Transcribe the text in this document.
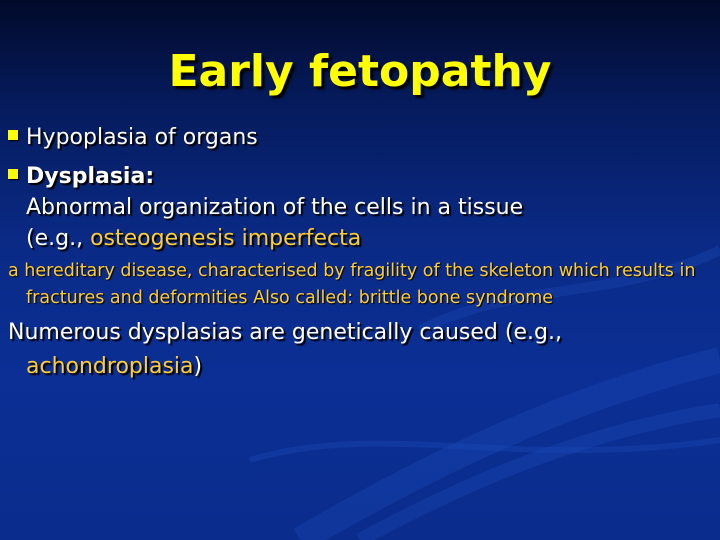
Early fetopathy
Hypoplasia of organs
Dysplasia:
Abnormal organization of the cells in a tissue
(e.g., osteogenesis imperfecta
a hereditary disease, characterised by fragility of the skeleton which results in fractures and deformities Also called: brittle bone syndrome
Numerous dysplasias are genetically caused (e.g., achondroplasia)
